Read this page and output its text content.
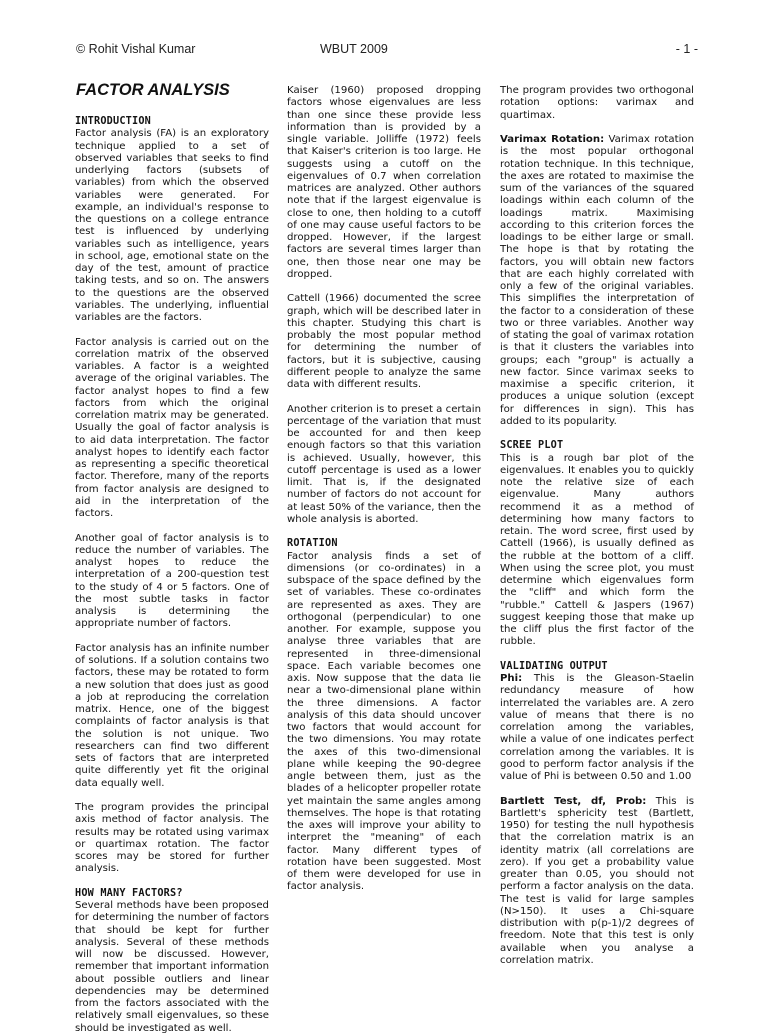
© Rohit Vishal Kumar	WBUT 2009	- 1 -
FACTOR ANALYSIS
INTRODUCTION

Factor analysis (FA) is an exploratory technique applied to a set of observed variables that seeks to find underlying factors (subsets of variables) from which the observed variables were generated. For example, an individual's response to the questions on a college entrance test is influenced by underlying variables such as intelligence, years in school, age, emotional state on the day of the test, amount of practice taking tests, and so on. The answers to the questions are the observed variables. The underlying, influential variables are the factors.

Factor analysis is carried out on the correlation matrix of the observed variables. A factor is a weighted average of the original variables. The factor analyst hopes to find a few factors from which the original correlation matrix may be generated. Usually the goal of factor analysis is to aid data interpretation. The factor analyst hopes to identify each factor as representing a specific theoretical factor. Therefore, many of the reports from factor analysis are designed to aid in the interpretation of the factors.

Another goal of factor analysis is to reduce the number of variables. The analyst hopes to reduce the interpretation of a 200-question test to the study of 4 or 5 factors. One of the most subtle tasks in factor analysis is determining the appropriate number of factors.

Factor analysis has an infinite number of solutions. If a solution contains two factors, these may be rotated to form a new solution that does just as good a job at reproducing the correlation matrix. Hence, one of the biggest complaints of factor analysis is that the solution is not unique. Two researchers can find two different sets of factors that are interpreted quite differently yet fit the original data equally well.

The program provides the principal axis method of factor analysis. The results may be rotated using varimax or quartimax rotation. The factor scores may be stored for further analysis.

HOW MANY FACTORS?

Several methods have been proposed for determining the number of factors that should be kept for further analysis. Several of these methods will now be discussed. However, remember that important information about possible outliers and linear dependencies may be determined from the factors associated with the relatively small eigenvalues, so these should be investigated as well.

Kaiser (1960) proposed dropping factors whose eigenvalues are less than one since these provide less information than is provided by a single variable. Jolliffe (1972) feels that Kaiser's criterion is too large. He suggests using a cutoff on the eigenvalues of 0.7 when correlation matrices are analyzed. Other authors note that if the largest eigenvalue is close to one, then holding to a cutoff of one may cause useful factors to be dropped. However, if the largest factors are several times larger than one, then those near one may be dropped.

Cattell (1966) documented the scree graph, which will be described later in this chapter. Studying this chart is probably the most popular method for determining the number of factors, but it is subjective, causing different people to analyze the same data with different results.

Another criterion is to preset a certain percentage of the variation that must be accounted for and then keep enough factors so that this variation is achieved. Usually, however, this cutoff percentage is used as a lower limit. That is, if the designated number of factors do not account for at least 50% of the variance, then the whole analysis is aborted.

ROTATION

Factor analysis finds a set of dimensions (or co-ordinates) in a subspace of the space defined by the set of variables. These co-ordinates are represented as axes. They are orthogonal (perpendicular) to one another. For example, suppose you analyse three variables that are represented in three-dimensional space. Each variable becomes one axis. Now suppose that the data lie near a two-dimensional plane within the three dimensions. A factor analysis of this data should uncover two factors that would account for the two dimensions. You may rotate the axes of this two-dimensional plane while keeping the 90-degree angle between them, just as the blades of a helicopter propeller rotate yet maintain the same angles among themselves. The hope is that rotating the axes will improve your ability to interpret the "meaning" of each factor. Many different types of rotation have been suggested. Most of them were developed for use in factor analysis.

The program provides two orthogonal rotation options: varimax and quartimax.

Varimax Rotation: Varimax rotation is the most popular orthogonal rotation technique. In this technique, the axes are rotated to maximise the sum of the variances of the squared loadings within each column of the loadings matrix. Maximising according to this criterion forces the loadings to be either large or small. The hope is that by rotating the factors, you will obtain new factors that are each highly correlated with only a few of the original variables. This simplifies the interpretation of the factor to a consideration of these two or three variables. Another way of stating the goal of varimax rotation is that it clusters the variables into groups; each "group" is actually a new factor. Since varimax seeks to maximise a specific criterion, it produces a unique solution (except for differences in sign). This has added to its popularity.

SCREE PLOT

This is a rough bar plot of the eigenvalues. It enables you to quickly note the relative size of each eigenvalue. Many authors recommend it as a method of determining how many factors to retain. The word scree, first used by Cattell (1966), is usually defined as the rubble at the bottom of a cliff. When using the scree plot, you must determine which eigenvalues form the "cliff" and which form the "rubble." Cattell & Jaspers (1967) suggest keeping those that make up the cliff plus the first factor of the rubble.

VALIDATING OUTPUT

Phi: This is the Gleason-Staelin redundancy measure of how interrelated the variables are. A zero value of means that there is no correlation among the variables, while a value of one indicates perfect correlation among the variables. It is good to perform factor analysis if the value of Phi is between 0.50 and 1.00

Bartlett Test, df, Prob: This is Bartlett's sphericity test (Bartlett, 1950) for testing the null hypothesis that the correlation matrix is an identity matrix (all correlations are zero). If you get a probability value greater than 0.05, you should not perform a factor analysis on the data. The test is valid for large samples (N>150). It uses a Chi-square distribution with p(p-1)/2 degrees of freedom. Note that this test is only available when you analyse a correlation matrix.
